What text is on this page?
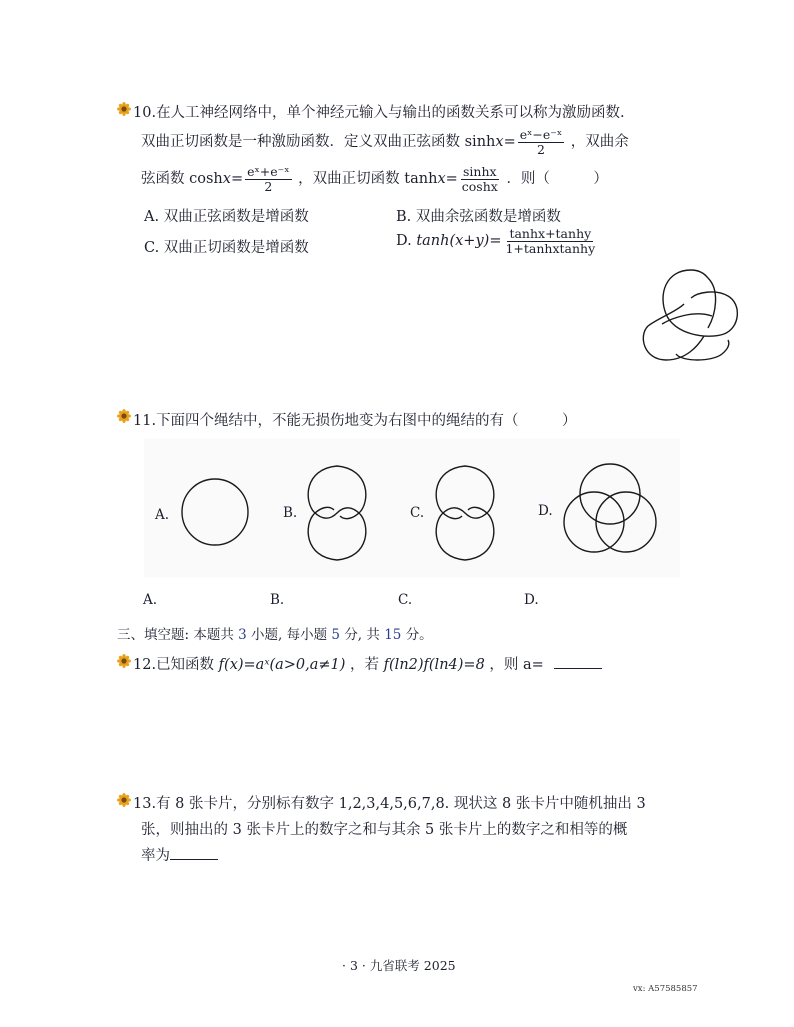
10.在人工神经网络中，单个神经元输入与输出的函数关系可以称为激励函数.
双曲正切函数是一种激励函数．定义双曲正弦函数 $\sinh x= \frac{\text{eˣ−e⁻ˣ}}{2}$ ，双曲余
弦函数 $\cosh x= \frac{\text{eˣ+e⁻ˣ}}{2}$ ，双曲正切函数 $\tanh x= \frac{\sinh x}{\cosh x}$ ．则（　　　）
A. 双曲正弦函数是增函数	B. 双曲余弦函数是增函数
C. 双曲正切函数是增函数	D. $\tanh(x+y)= \frac{\tanh x+\tanh y}{\text{1+tanhxtanhy}}$
11.下面四个绳结中，不能无损伤地变为右图中的绳结的有（　　　）
A.	B.	C.	D.
A.	B.	C.	D.
三、填空题: 本题共 3 小题, 每小题 5 分, 共 15 分。
12.已知函数 f(x)=aˣ(a>0,a≠1) ，若 f(ln2)f(ln4)=8 ，则 a=
13.有 8 张卡片，分别标有数字 1,2,3,4,5,6,7,8. 现状这 8 张卡片中随机抽出 3
张，则抽出的 3 张卡片上的数字之和与其余 5 张卡片上的数字之和相等的概
率为
· 3 · 九省联考 2025
vx: A57585857
